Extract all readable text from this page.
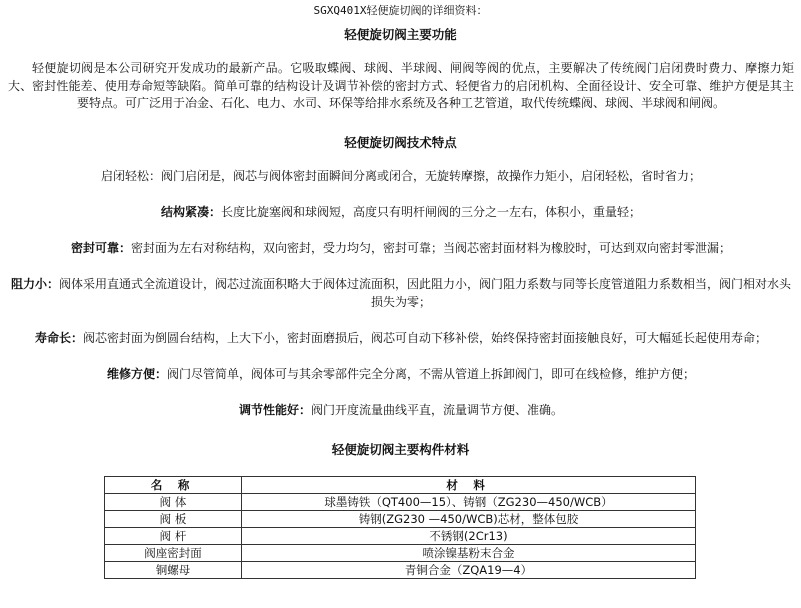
SGXQ401X轻便旋切阀的详细资料：
轻便旋切阀主要功能
轻便旋切阀是本公司研究开发成功的最新产品。它吸取蝶阀、球阀、半球阀、闸阀等阀的优点，主要解决了传统阀门启闭费时费力、摩擦力矩大、密封性能差、使用寿命短等缺陷。简单可靠的结构设计及调节补偿的密封方式、轻便省力的启闭机构、全面径设计、安全可靠、维护方便是其主要特点。可广泛用于冶金、石化、电力、水司、环保等给排水系统及各种工艺管道，取代传统蝶阀、球阀、半球阀和闸阀。
轻便旋切阀技术特点
启闭轻松：阀门启闭是，阀芯与阀体密封面瞬间分离或闭合，无旋转摩擦，故操作力矩小，启闭轻松，省时省力；
结构紧凑：长度比旋塞阀和球阀短，高度只有明杆闸阀的三分之一左右，体积小，重量轻；
密封可靠：密封面为左右对称结构，双向密封，受力均匀，密封可靠；当阀芯密封面材料为橡胶时，可达到双向密封零泄漏；
阻力小：阀体采用直通式全流道设计，阀芯过流面积略大于阀体过流面积，因此阻力小，阀门阻力系数与同等长度管道阻力系数相当，阀门相对水头损失为零；
寿命长：阀芯密封面为倒圆台结构，上大下小，密封面磨损后，阀芯可自动下移补偿，始终保持密封面接触良好，可大幅延长起使用寿命；
维修方便：阀门尽管简单，阀体可与其余零部件完全分离，不需从管道上拆卸阀门，即可在线检修，维护方便；
调节性能好：阀门开度流量曲线平直，流量调节方便、准确。
轻便旋切阀主要构件材料
名 称	材 料
阀 体	球墨铸铁（QT400—15）、铸钢（ZG230—450/WCB）
阀 板	铸钢(ZG230 —450/WCB)芯材，整体包胶
阀 杆	不锈钢(2Cr13)
阀座密封面	喷涂镍基粉末合金
铜螺母	青铜合金（ZQA19—4）
